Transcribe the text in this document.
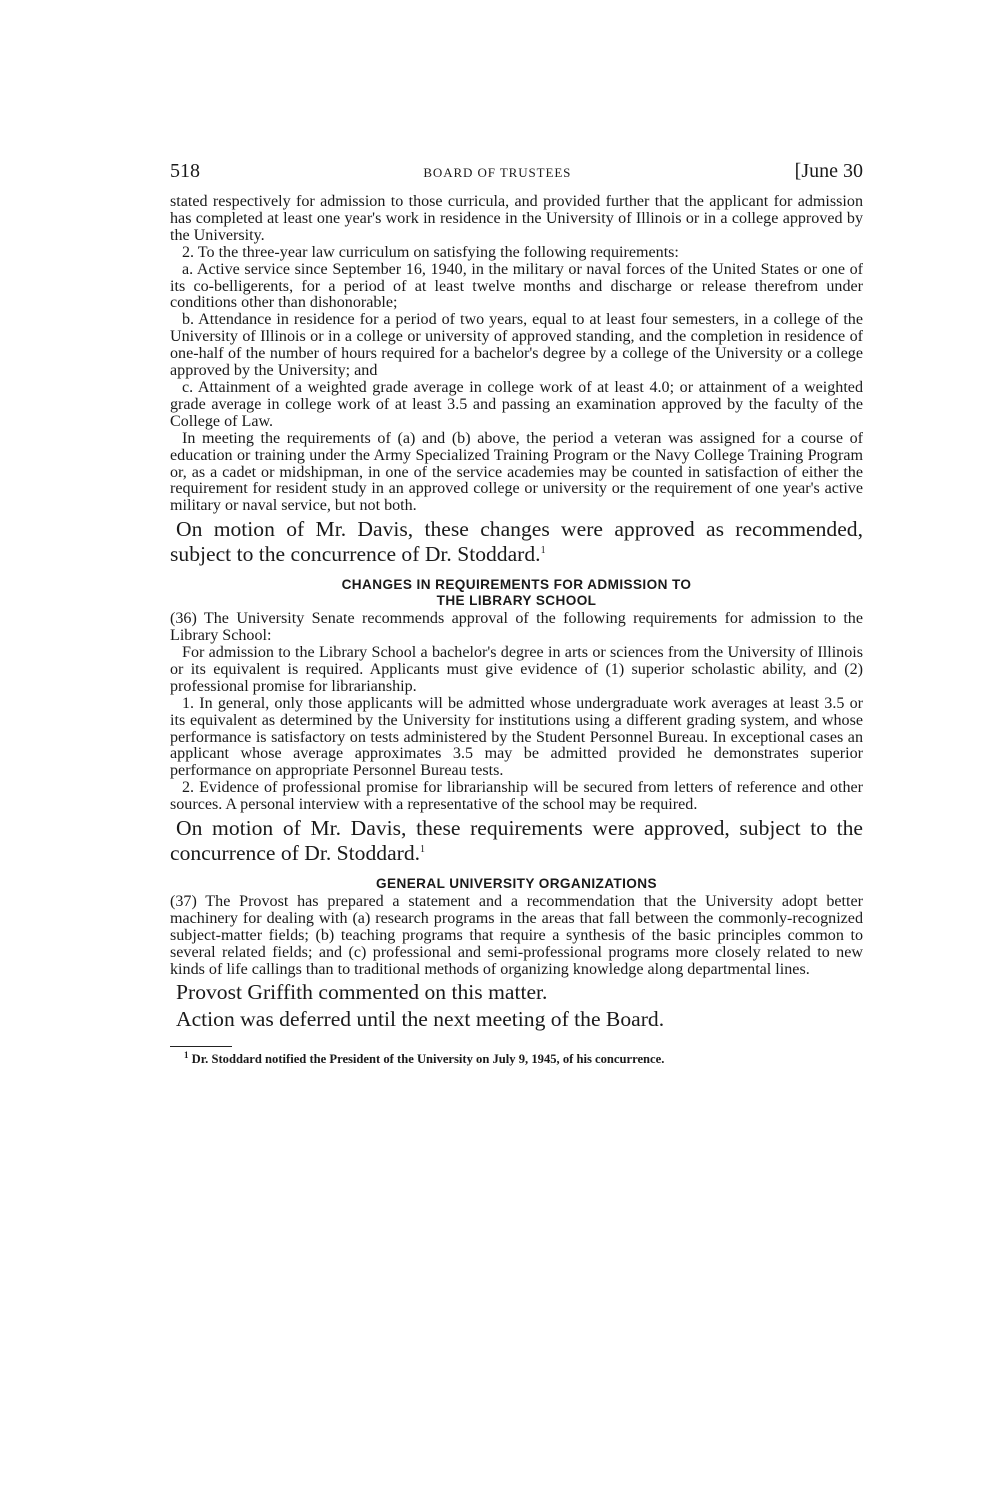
518	BOARD OF TRUSTEES	[June 30

stated respectively for admission to those curricula, and provided further that the applicant for admission has completed at least one year's work in residence in the University of Illinois or in a college approved by the University.

2. To the three-year law curriculum on satisfying the following requirements:

a. Active service since September 16, 1940, in the military or naval forces of the United States or one of its co-belligerents, for a period of at least twelve months and discharge or release therefrom under conditions other than dishonorable;

b. Attendance in residence for a period of two years, equal to at least four semesters, in a college of the University of Illinois or in a college or university of approved standing, and the completion in residence of one-half of the number of hours required for a bachelor's degree by a college of the University or a college approved by the University; and

c. Attainment of a weighted grade average in college work of at least 4.0; or attainment of a weighted grade average in college work of at least 3.5 and passing an examination approved by the faculty of the College of Law.

In meeting the requirements of (a) and (b) above, the period a veteran was assigned for a course of education or training under the Army Specialized Training Program or the Navy College Training Program or, as a cadet or midshipman, in one of the service academies may be counted in satisfaction of either the requirement for resident study in an approved college or university or the requirement of one year's active military or naval service, but not both.

On motion of Mr. Davis, these changes were approved as recommended, subject to the concurrence of Dr. Stoddard.$^1$

CHANGES IN REQUIREMENTS FOR ADMISSION TO
THE LIBRARY SCHOOL

(36) The University Senate recommends approval of the following requirements for admission to the Library School:

For admission to the Library School a bachelor's degree in arts or sciences from the University of Illinois or its equivalent is required. Applicants must give evidence of (1) superior scholastic ability, and (2) professional promise for librarianship.

1. In general, only those applicants will be admitted whose undergraduate work averages at least 3.5 or its equivalent as determined by the University for institutions using a different grading system, and whose performance is satisfactory on tests administered by the Student Personnel Bureau. In exceptional cases an applicant whose average approximates 3.5 may be admitted provided he demonstrates superior performance on appropriate Personnel Bureau tests.

2. Evidence of professional promise for librarianship will be secured from letters of reference and other sources. A personal interview with a representative of the school may be required.

On motion of Mr. Davis, these requirements were approved, subject to the concurrence of Dr. Stoddard.$^1$

GENERAL UNIVERSITY ORGANIZATIONS

(37) The Provost has prepared a statement and a recommendation that the University adopt better machinery for dealing with (a) research programs in the areas that fall between the commonly-recognized subject-matter fields; (b) teaching programs that require a synthesis of the basic principles common to several related fields; and (c) professional and semi-professional programs more closely related to new kinds of life callings than to traditional methods of organizing knowledge along departmental lines.

Provost Griffith commented on this matter.

Action was deferred until the next meeting of the Board.

$^1$ Dr. Stoddard notified the President of the University on July 9, 1945, of his concurrence.
